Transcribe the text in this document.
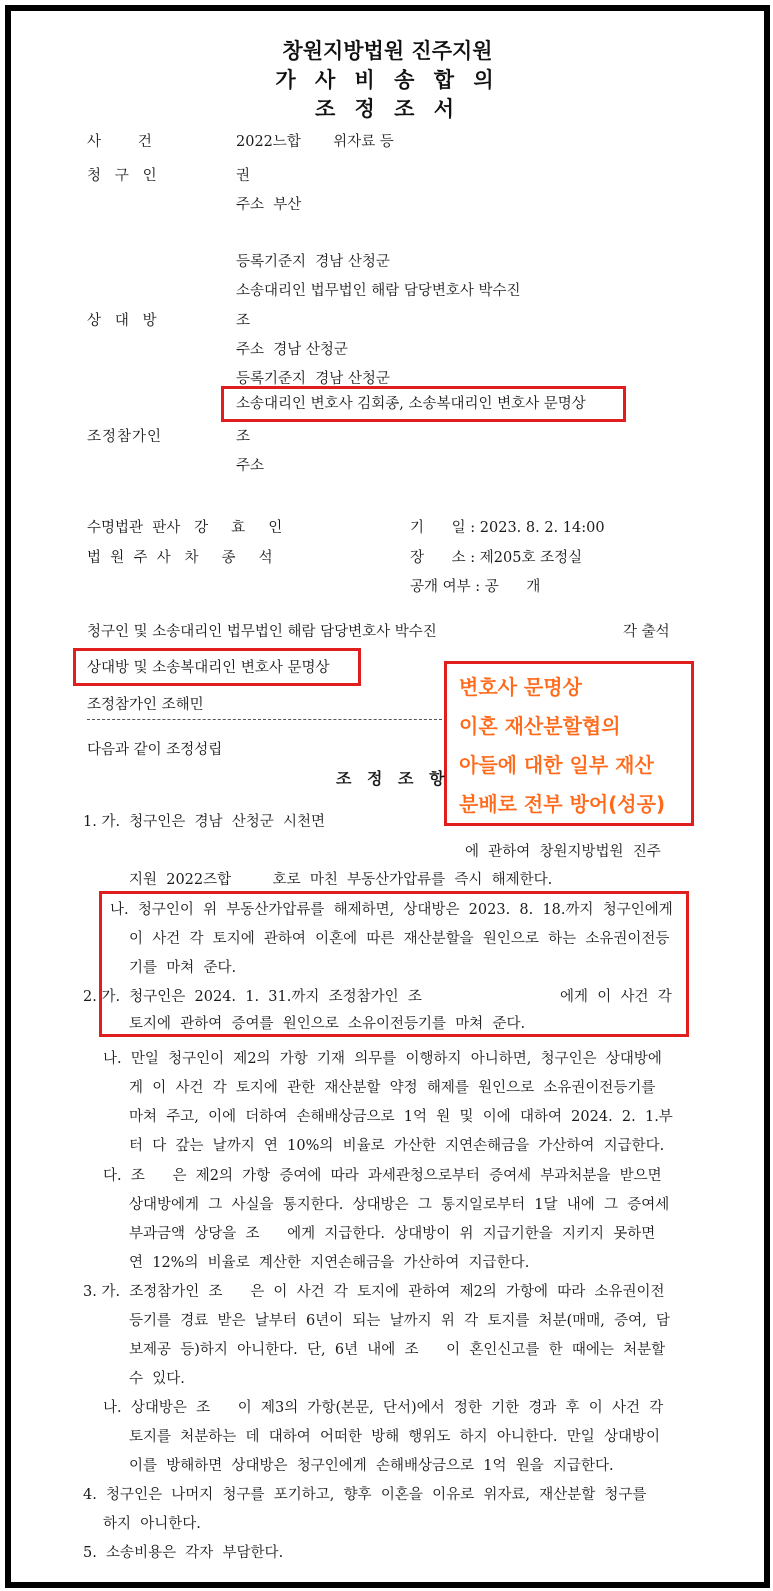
창원지방법원 진주지원
가 사 비 송 합 의
조 정 조 서
사        건	2022느합       위자료 등
청   구   인	권
주소  부산
등록기준지  경남 산청군
소송대리인 법무법인 해람 담당변호사 박수진
상   대   방	조
주소  경남 산청군
등록기준지  경남 산청군
소송대리인 변호사 김회종, 소송복대리인 변호사 문명상
조정참가인	조
주소
수명법관  판사   강     효     인
법  원  주  사   차     종     석
기      일 : 2023. 8. 2. 14:00
장      소 : 제205호 조정실
공개 여부 : 공      개
청구인 및 소송대리인 법무법인 해람 담당변호사 박수진	각 출석
상대방 및 소송복대리인 변호사 문명상
조정참가인 조해민
다음과 같이 조정성립
변호사 문명상
이혼 재산분할협의
아들에 대한 일부 재산
분배로 전부 방어(성공)
조 정 조 항
1. 가.  청구인은  경남  산청군  시천면
에  관하여  창원지방법원  진주
지원  2022즈합         호로  마친  부동산가압류를  즉시  해제한다.
나.  청구인이  위  부동산가압류를  해제하면,  상대방은  2023.  8.  18.까지  청구인에게
이  사건  각  토지에  관하여  이혼에  따른  재산분할을  원인으로  하는  소유권이전등
기를  마쳐  준다.
2. 가.  청구인은  2024.  1.  31.까지  조정참가인  조	에게  이  사건  각
토지에  관하여  증여를  원인으로  소유이전등기를  마쳐  준다.
나.  만일  청구인이  제2의  가항  기재  의무를  이행하지  아니하면,  청구인은  상대방에
게  이  사건  각  토지에  관한  재산분할  약정  해제를  원인으로  소유권이전등기를
마쳐  주고,  이에  더하여  손해배상금으로  1억  원  및  이에  대하여  2024.  2.  1.부
터  다  갚는  날까지  연  10%의  비율로  가산한  지연손해금을  가산하여  지급한다.
다.  조      은  제2의  가항  증여에  따라  과세관청으로부터  증여세  부과처분을  받으면
상대방에게  그  사실을  통지한다.  상대방은  그  통지일로부터  1달  내에  그  증여세
부과금액  상당을  조      에게  지급한다.  상대방이  위  지급기한을  지키지  못하면
연  12%의  비율로  계산한  지연손해금을  가산하여  지급한다.
3. 가.  조정참가인  조      은  이  사건  각  토지에  관하여  제2의  가항에  따라  소유권이전
등기를  경료  받은  날부터  6년이  되는  날까지  위  각  토지를  처분(매매,  증여,  담
보제공  등)하지  아니한다.  단,  6년  내에  조      이  혼인신고를  한  때에는  처분할
수  있다.
나.  상대방은  조      이  제3의  가항(본문,  단서)에서  정한  기한  경과  후  이  사건  각
토지를  처분하는  데  대하여  어떠한  방해  행위도  하지  아니한다.  만일  상대방이
이를  방해하면  상대방은  청구인에게  손해배상금으로  1억  원을  지급한다.
4.  청구인은  나머지  청구를  포기하고,  향후  이혼을  이유로  위자료,  재산분할  청구를
하지  아니한다.
5.  소송비용은  각자  부담한다.
